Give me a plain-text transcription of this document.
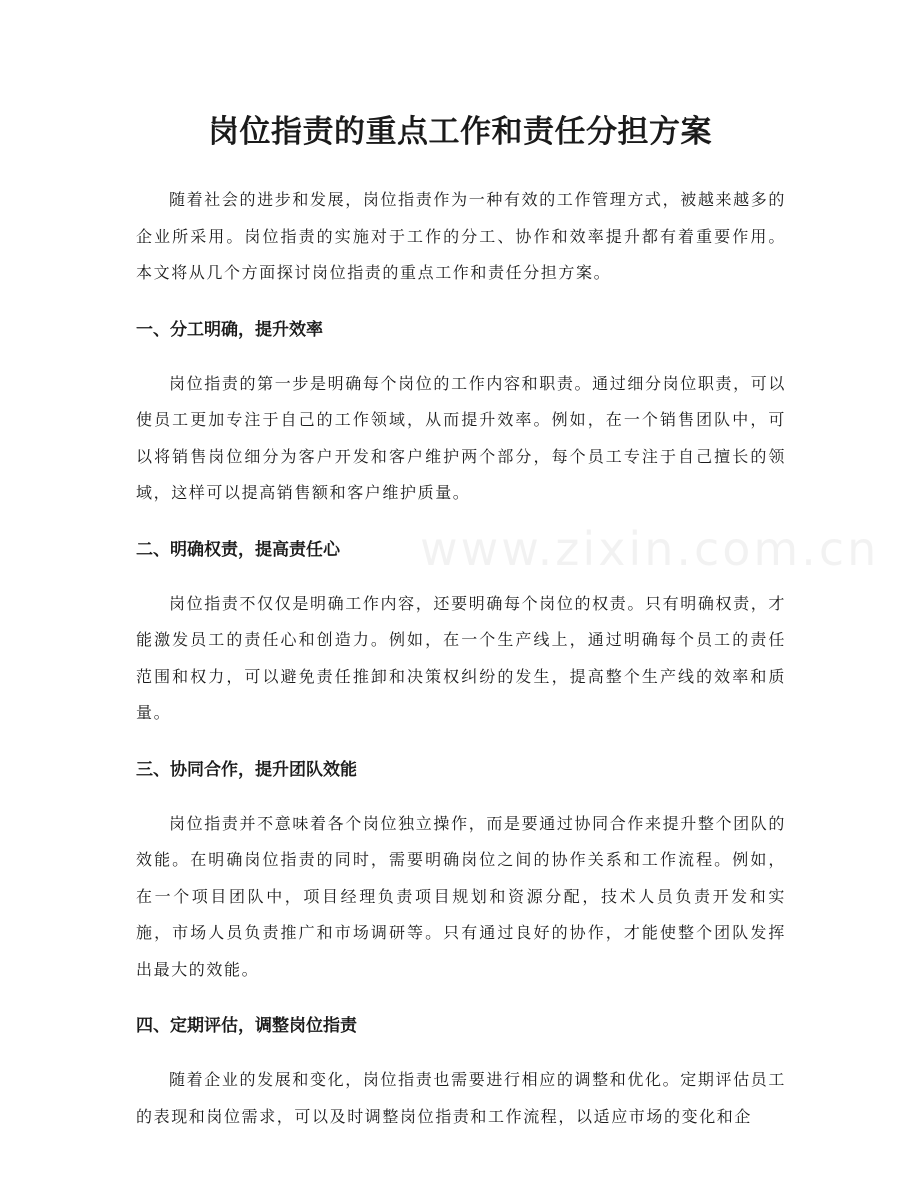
岗位指责的重点工作和责任分担方案

随着社会的进步和发展，岗位指责作为一种有效的工作管理方式，被越来越多的企业所采用。岗位指责的实施对于工作的分工、协作和效率提升都有着重要作用。本文将从几个方面探讨岗位指责的重点工作和责任分担方案。

一、分工明确，提升效率

岗位指责的第一步是明确每个岗位的工作内容和职责。通过细分岗位职责，可以使员工更加专注于自己的工作领域，从而提升效率。例如，在一个销售团队中，可以将销售岗位细分为客户开发和客户维护两个部分，每个员工专注于自己擅长的领域，这样可以提高销售额和客户维护质量。

二、明确权责，提高责任心

岗位指责不仅仅是明确工作内容，还要明确每个岗位的权责。只有明确权责，才能激发员工的责任心和创造力。例如，在一个生产线上，通过明确每个员工的责任范围和权力，可以避免责任推卸和决策权纠纷的发生，提高整个生产线的效率和质量。

三、协同合作，提升团队效能

岗位指责并不意味着各个岗位独立操作，而是要通过协同合作来提升整个团队的效能。在明确岗位指责的同时，需要明确岗位之间的协作关系和工作流程。例如，在一个项目团队中，项目经理负责项目规划和资源分配，技术人员负责开发和实施，市场人员负责推广和市场调研等。只有通过良好的协作，才能使整个团队发挥出最大的效能。

四、定期评估，调整岗位指责

随着企业的发展和变化，岗位指责也需要进行相应的调整和优化。定期评估员工的表现和岗位需求，可以及时调整岗位指责和工作流程，以适应市场的变化和企

www.zixin.com.cn
